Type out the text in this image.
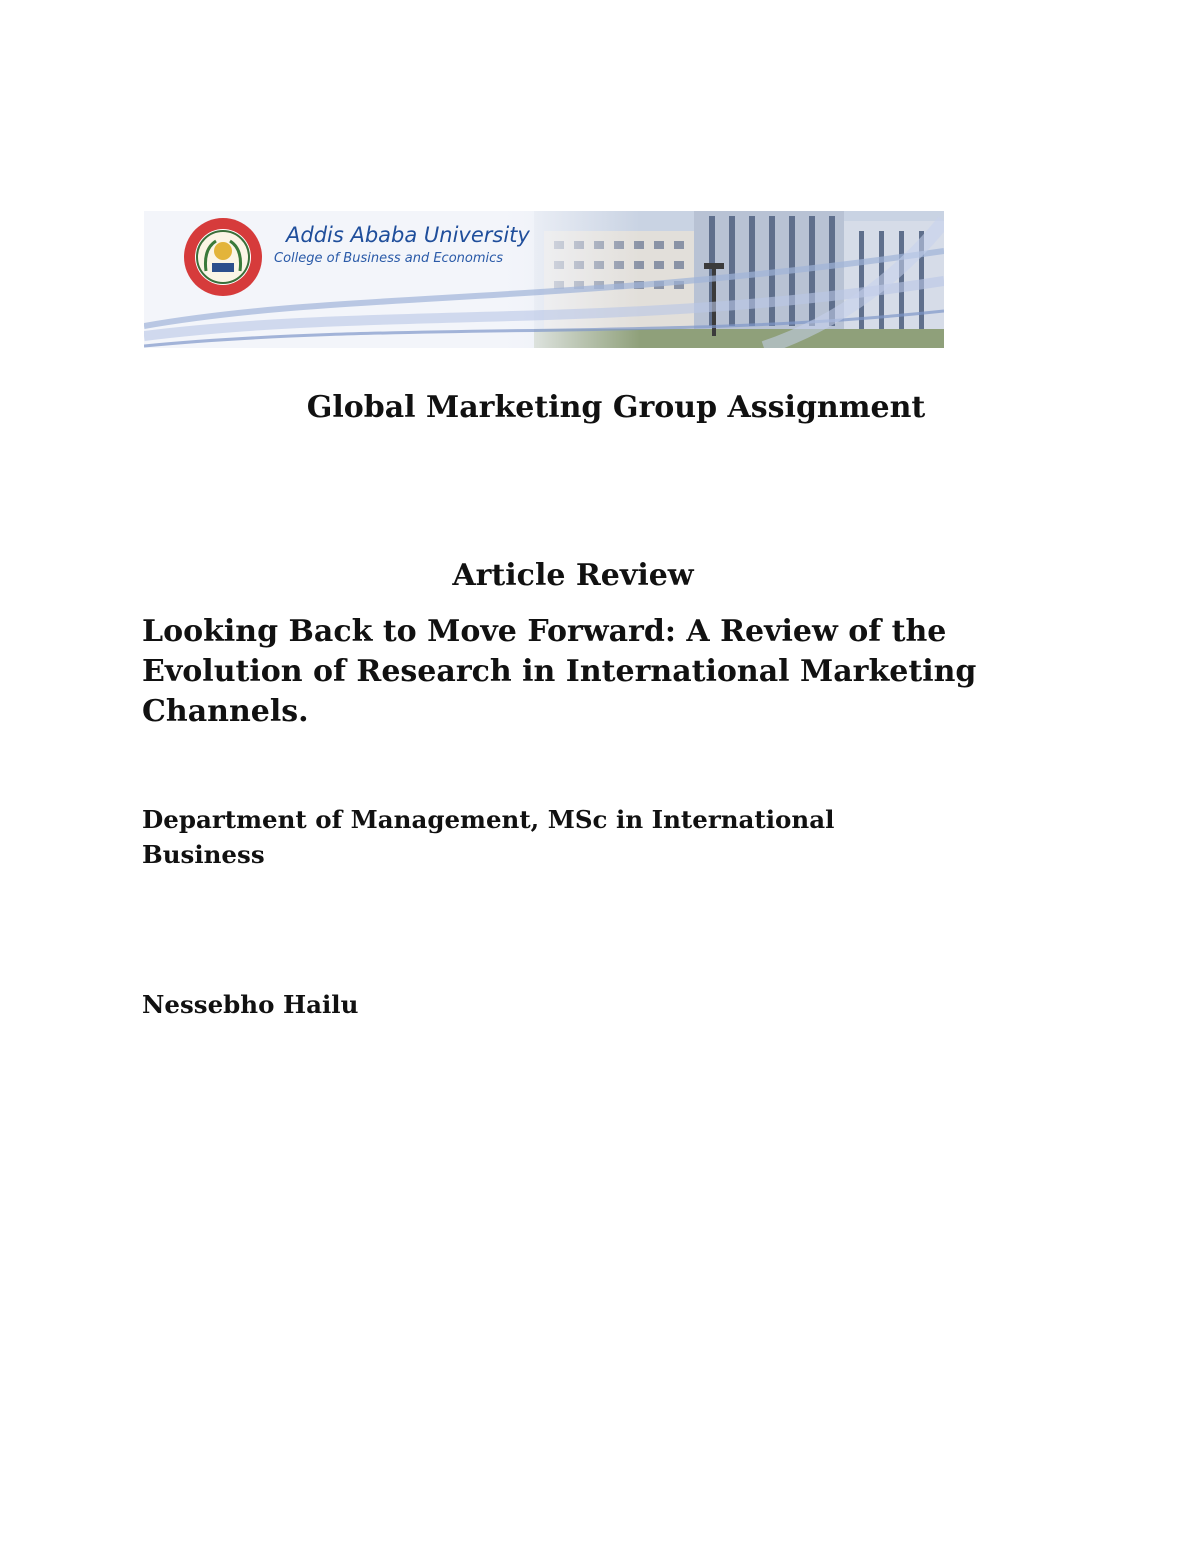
Addis Ababa University
College of Business and Economics
Global Marketing Group Assignment
Article Review
Looking Back to Move Forward: A Review of the Evolution of Research in International Marketing Channels.
Department of Management, MSc in International Business
Nessebho Hailu
